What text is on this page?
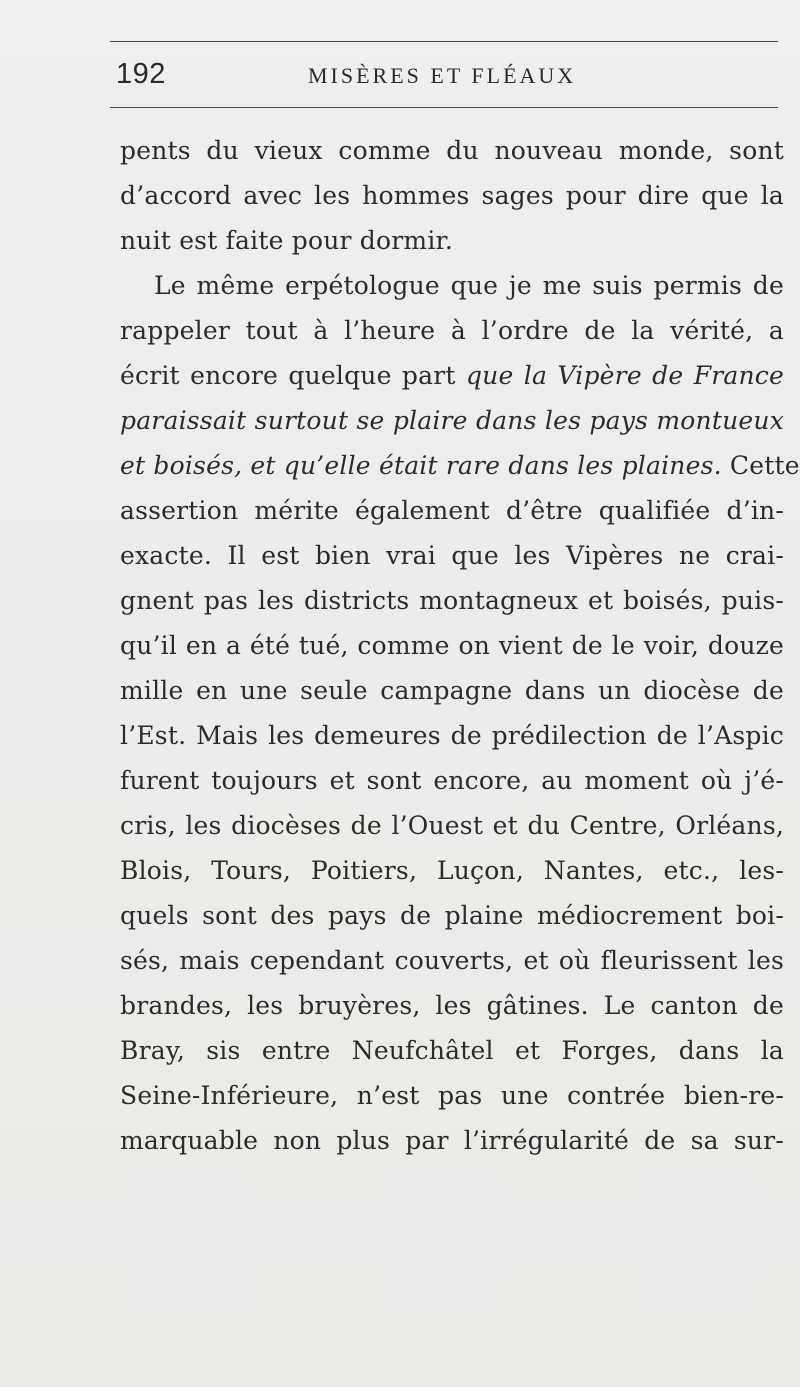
192	MISÈRES ET FLÉAUX
pents du vieux comme du nouveau monde, sont
d’accord avec les hommes sages pour dire que la
nuit est faite pour dormir.
Le même erpétologue que je me suis permis de
rappeler tout à l’heure à l’ordre de la vérité, a
écrit encore quelque part que la Vipère de France
paraissait surtout se plaire dans les pays montueux
et boisés, et qu’elle était rare dans les plaines. Cette
assertion mérite également d’être qualifiée d’in-
exacte. Il est bien vrai que les Vipères ne crai-
gnent pas les districts montagneux et boisés, puis-
qu’il en a été tué, comme on vient de le voir, douze
mille en une seule campagne dans un diocèse de
l’Est. Mais les demeures de prédilection de l’Aspic
furent toujours et sont encore, au moment où j’é-
cris, les diocèses de l’Ouest et du Centre, Orléans,
Blois, Tours, Poitiers, Luçon, Nantes, etc., les-
quels sont des pays de plaine médiocrement boi-
sés, mais cependant couverts, et où fleurissent les
brandes, les bruyères, les gâtines. Le canton de
Bray, sis entre Neufchâtel et Forges, dans la
Seine-Inférieure, n’est pas une contrée bien-re-
marquable non plus par l’irrégularité de sa sur-
